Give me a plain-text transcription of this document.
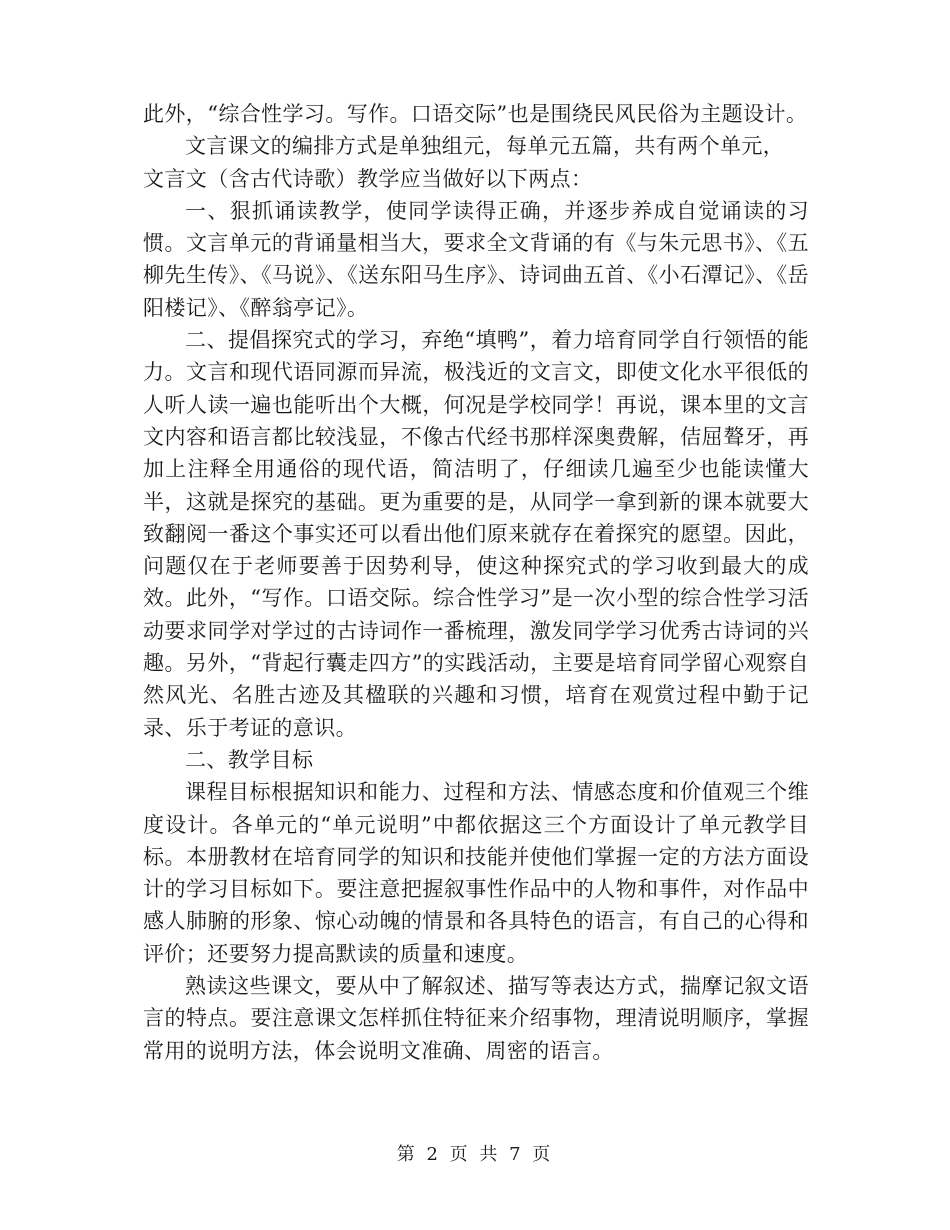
此外，“综合性学习。写作。口语交际”也是围绕民风民俗为主题设计。

文言课文的编排方式是单独组元，每单元五篇，共有两个单元，

文言文（含古代诗歌）教学应当做好以下两点：

一、狠抓诵读教学，使同学读得正确，并逐步养成自觉诵读的习惯。文言单元的背诵量相当大，要求全文背诵的有《与朱元思书》、《五柳先生传》、《马说》、《送东阳马生序》、诗词曲五首、《小石潭记》、《岳阳楼记》、《醉翁亭记》。

二、提倡探究式的学习，弃绝“填鸭”，着力培育同学自行领悟的能力。文言和现代语同源而异流，极浅近的文言文，即使文化水平很低的人听人读一遍也能听出个大概，何况是学校同学！再说，课本里的文言文内容和语言都比较浅显，不像古代经书那样深奥费解，佶屈聱牙，再加上注释全用通俗的现代语，简洁明了，仔细读几遍至少也能读懂大半，这就是探究的基础。更为重要的是，从同学一拿到新的课本就要大致翻阅一番这个事实还可以看出他们原来就存在着探究的愿望。因此，问题仅在于老师要善于因势利导，使这种探究式的学习收到最大的成效。此外，“写作。口语交际。综合性学习”是一次小型的综合性学习活动要求同学对学过的古诗词作一番梳理，激发同学学习优秀古诗词的兴趣。另外，“背起行囊走四方”的实践活动，主要是培育同学留心观察自然风光、名胜古迹及其楹联的兴趣和习惯，培育在观赏过程中勤于记录、乐于考证的意识。

二、教学目标

课程目标根据知识和能力、过程和方法、情感态度和价值观三个维度设计。各单元的“单元说明”中都依据这三个方面设计了单元教学目标。本册教材在培育同学的知识和技能并使他们掌握一定的方法方面设计的学习目标如下。要注意把握叙事性作品中的人物和事件，对作品中感人肺腑的形象、惊心动魄的情景和各具特色的语言，有自己的心得和评价；还要努力提高默读的质量和速度。

熟读这些课文，要从中了解叙述、描写等表达方式，揣摩记叙文语言的特点。要注意课文怎样抓住特征来介绍事物，理清说明顺序，掌握常用的说明方法，体会说明文准确、周密的语言。

第 2 页 共 7 页
